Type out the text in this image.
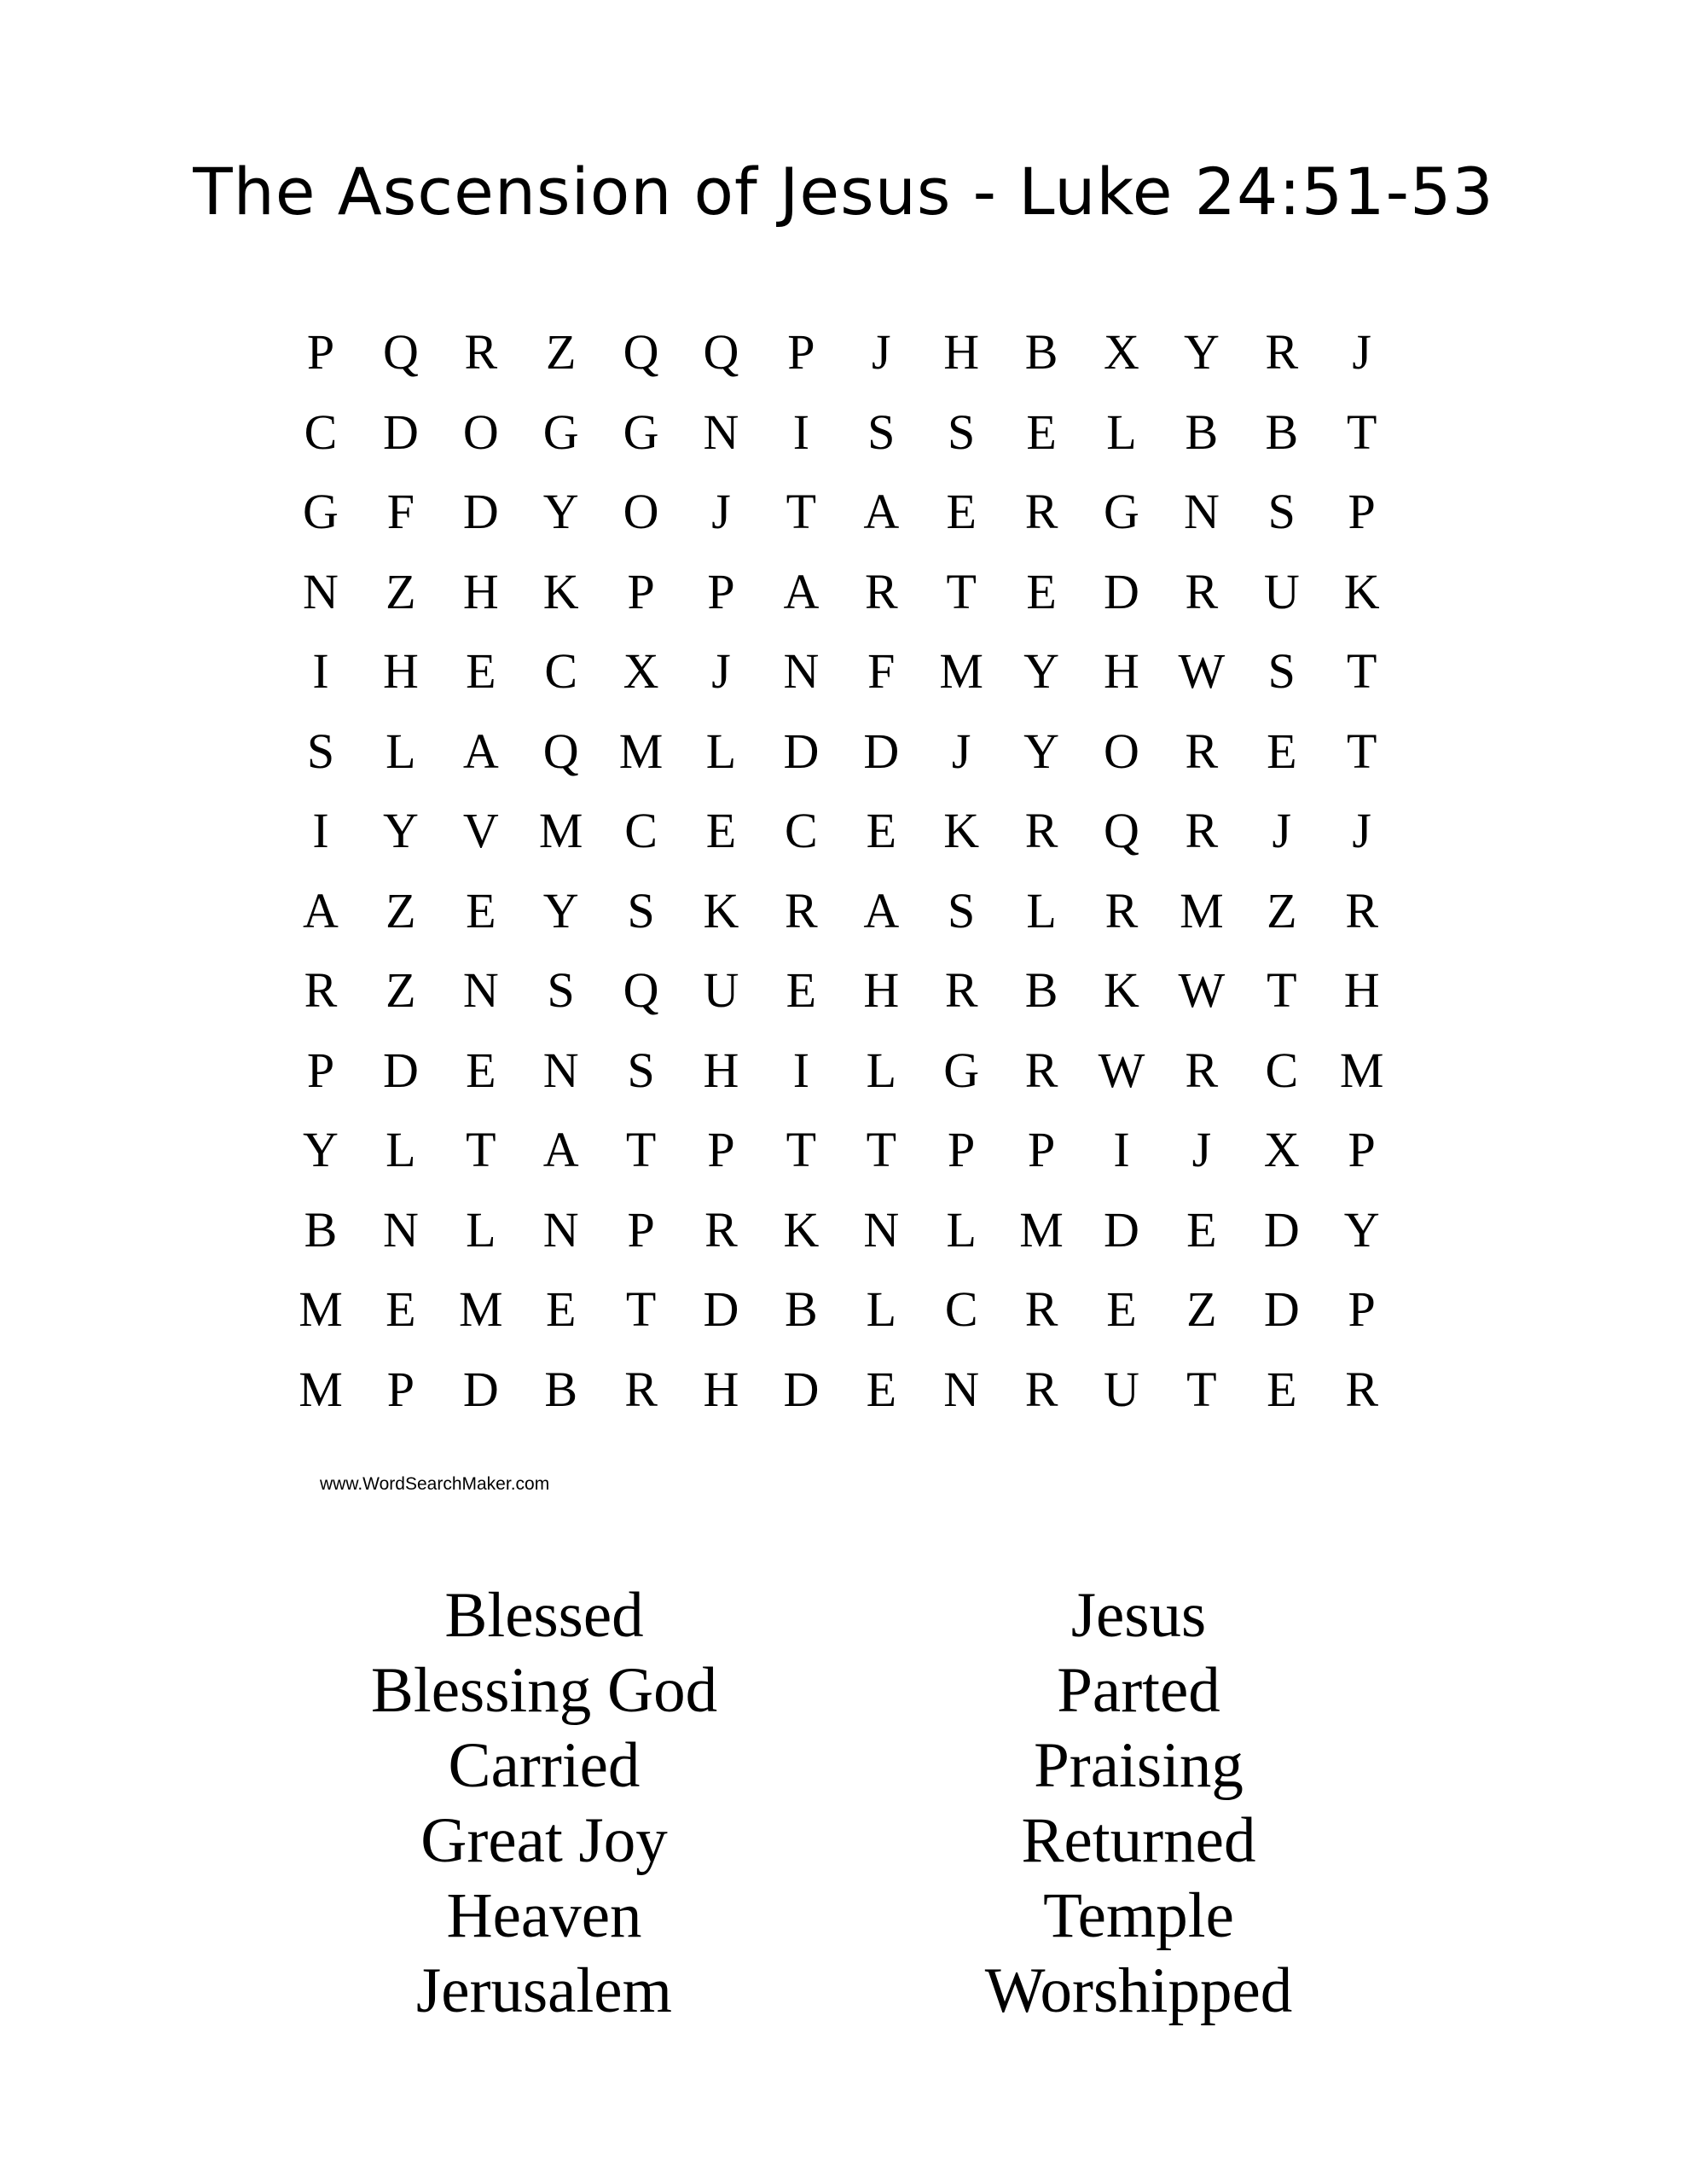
The Ascension of Jesus - Luke 24:51-53
P Q R Z Q Q P	J	H B X Y R	J
C D O G G N	I	S	S	E	L B B T
G F D Y O	J	T A E R G N S	P
N Z H K P	P A R T	E D R U K
I	H E C X	J	N F M Y H W S	T
S	L A Q M L D D	J	Y O R E	T
I	Y V M C E C E K R Q R	J	J
A Z	E Y S K R A S	L R M Z R
R Z N S Q U E H R B K W T H
P D E N S H	I	L G R W R C M
Y L	T A T	P	T	T	P	P	I	J	X P
B N L N P	R K N L M D E D Y
M E M E	T D B L C R E	Z D P
M P D B R H D E N R U T	E R
www.WordSearchMaker.com
Blessed
Blessing God
Carried
Great Joy
Heaven
Jerusalem
Jesus
Parted
Praising
Returned
Temple
Worshipped
